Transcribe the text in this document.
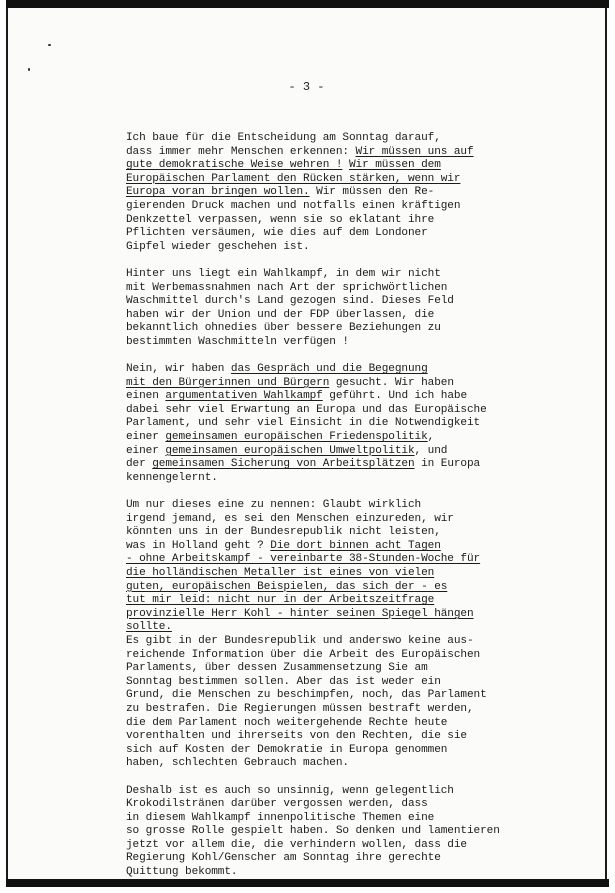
- 3 -

Ich baue für die Entscheidung am Sonntag darauf,
dass immer mehr Menschen erkennen: Wir müssen uns auf
gute demokratische Weise wehren ! Wir müssen dem
Europäischen Parlament den Rücken stärken, wenn wir
Europa voran bringen wollen. Wir müssen den Re-
gierenden Druck machen und notfalls einen kräftigen
Denkzettel verpassen, wenn sie so eklatant ihre
Pflichten versäumen, wie dies auf dem Londoner
Gipfel wieder geschehen ist.

Hinter uns liegt ein Wahlkampf, in dem wir nicht
mit Werbemassnahmen nach Art der sprichwörtlichen
Waschmittel durch's Land gezogen sind. Dieses Feld
haben wir der Union und der FDP überlassen, die
bekanntlich ohnedies über bessere Beziehungen zu
bestimmten Waschmitteln verfügen !

Nein, wir haben das Gespräch und die Begegnung
mit den Bürgerinnen und Bürgern gesucht. Wir haben
einen argumentativen Wahlkampf geführt. Und ich habe
dabei sehr viel Erwartung an Europa und das Europäische
Parlament, und sehr viel Einsicht in die Notwendigkeit
einer gemeinsamen europäischen Friedenspolitik,
einer gemeinsamen europäischen Umweltpolitik, und
der gemeinsamen Sicherung von Arbeitsplätzen in Europa
kennengelernt.

Um nur dieses eine zu nennen: Glaubt wirklich
irgend jemand, es sei den Menschen einzureden, wir
könnten uns in der Bundesrepublik nicht leisten,
was in Holland geht ? Die dort binnen acht Tagen
- ohne Arbeitskampf - vereinbarte 38-Stunden-Woche für
die holländischen Metaller ist eines von vielen
guten, europäischen Beispielen, das sich der - es
tut mir leid: nicht nur in der Arbeitszeitfrage
provinzielle Herr Kohl - hinter seinen Spiegel hängen
sollte.
Es gibt in der Bundesrepublik und anderswo keine aus-
reichende Information über die Arbeit des Europäischen
Parlaments, über dessen Zusammensetzung Sie am
Sonntag bestimmen sollen. Aber das ist weder ein
Grund, die Menschen zu beschimpfen, noch, das Parlament
zu bestrafen. Die Regierungen müssen bestraft werden,
die dem Parlament noch weitergehende Rechte heute
vorenthalten und ihrerseits von den Rechten, die sie
sich auf Kosten der Demokratie in Europa genommen
haben, schlechten Gebrauch machen.

Deshalb ist es auch so unsinnig, wenn gelegentlich
Krokodilstränen darüber vergossen werden, dass
in diesem Wahlkampf innenpolitische Themen eine
so grosse Rolle gespielt haben. So denken und lamentieren
jetzt vor allem die, die verhindern wollen, dass die
Regierung Kohl/Genscher am Sonntag ihre gerechte
Quittung bekommt.
